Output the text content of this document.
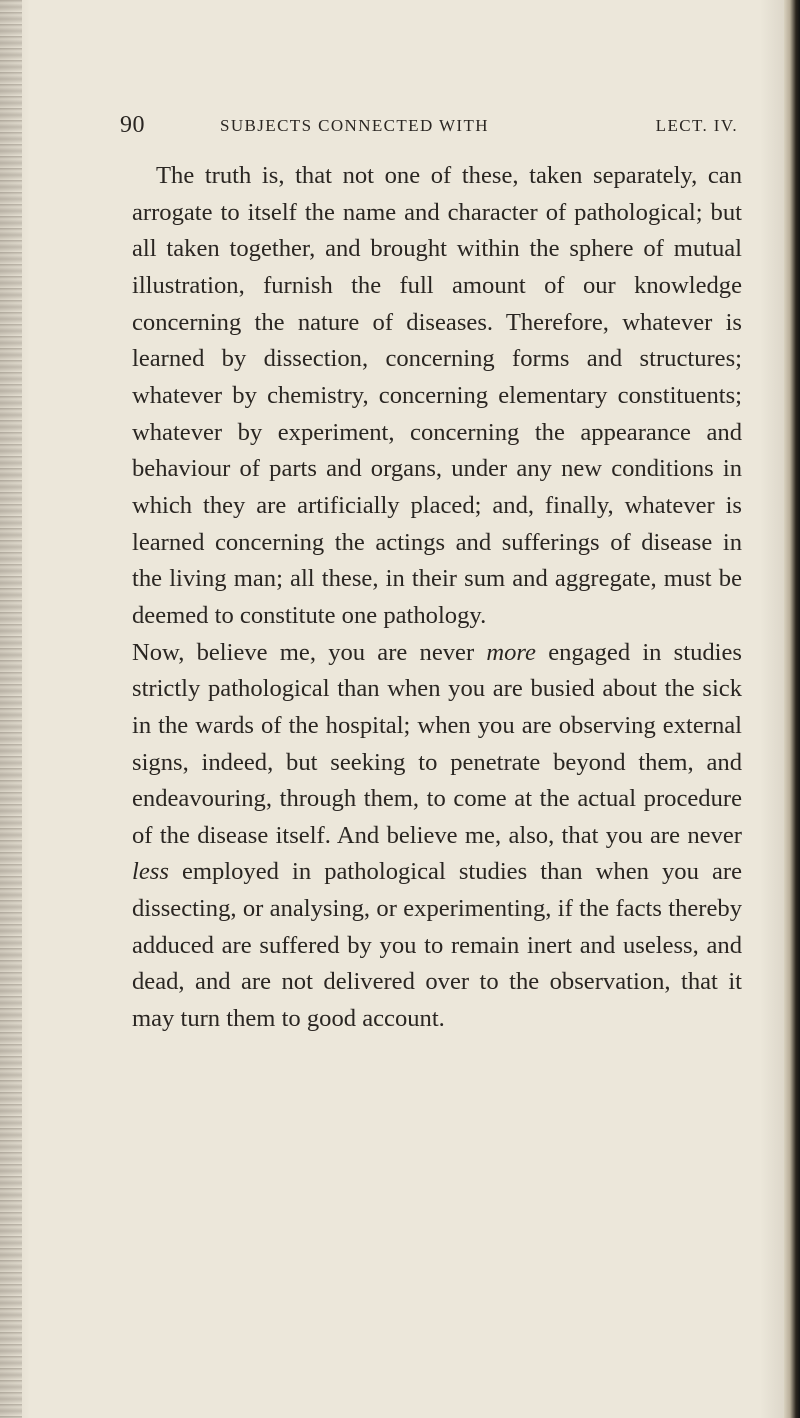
90	SUBJECTS CONNECTED WITH	LECT. IV.

The truth is, that not one of these, taken separately, can arrogate to itself the name and character of pathological; but all taken together, and brought within the sphere of mutual illustration, furnish the full amount of our knowledge concerning the nature of diseases. Therefore, whatever is learned by dissection, concerning forms and structures; whatever by chemistry, concerning elementary constituents; whatever by experiment, concerning the appearance and behaviour of parts and organs, under any new conditions in which they are artificially placed; and, finally, whatever is learned concerning the actings and sufferings of disease in the living man; all these, in their sum and aggregate, must be deemed to constitute one pathology.

Now, believe me, you are never more engaged in studies strictly pathological than when you are busied about the sick in the wards of the hospital; when you are observing external signs, indeed, but seeking to penetrate beyond them, and endeavouring, through them, to come at the actual procedure of the disease itself. And believe me, also, that you are never less employed in pathological studies than when you are dissecting, or analysing, or experimenting, if the facts thereby adduced are suffered by you to remain inert and useless, and dead, and are not delivered over to the observation, that it may turn them to good account.
